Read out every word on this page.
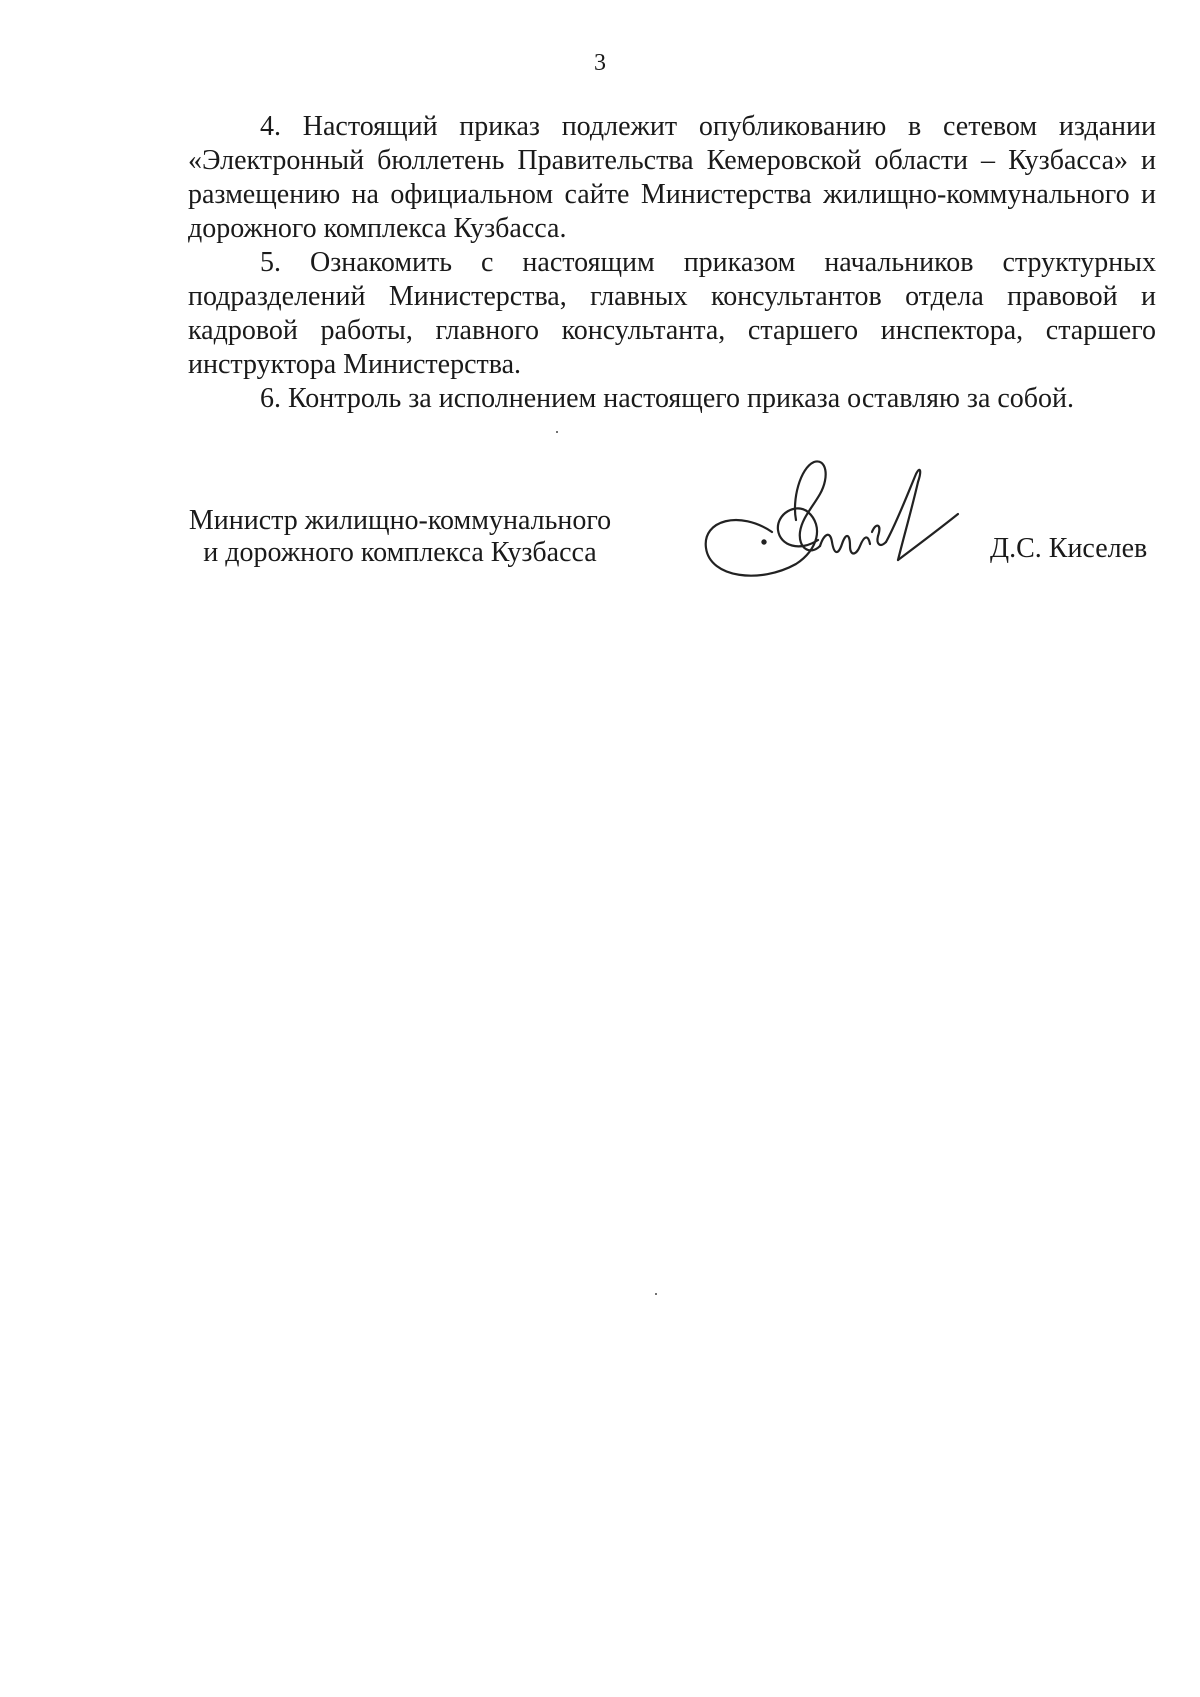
3

4. Настоящий приказ подлежит опубликованию в сетевом издании «Электронный бюллетень Правительства Кемеровской области – Кузбасса» и размещению на официальном сайте Министерства жилищно-коммунального и дорожного комплекса Кузбасса.

5. Ознакомить с настоящим приказом начальников структурных подразделений Министерства, главных консультантов отдела правовой и кадровой работы, главного консультанта, старшего инспектора, старшего инструктора Министерства.

6. Контроль за исполнением настоящего приказа оставляю за собой.

Министр жилищно-коммунального
и дорожного комплекса Кузбасса	Д.С. Киселев
